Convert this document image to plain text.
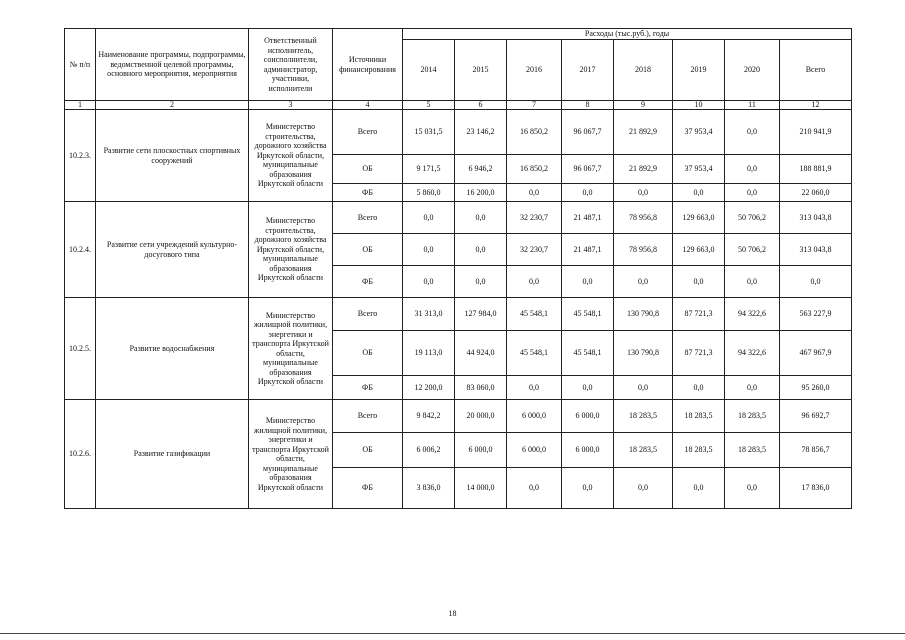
№ п/п	Наименование программы, подпрограммы, ведомственной целевой программы, основного мероприятия, мероприятия	Ответственный исполнитель, соисполнители, администратор, участники, исполнители	Источники финансирования	Расходы (тыс.руб.), годы							
				2014	2015	2016	2017	2018	2019	2020	Всего
1	2	3	4	5	6	7	8	9	10	11	12
10.2.3.	Развитие сети плоскостных спортивных сооружений	Министерство строительства, дорожного хозяйства Иркутской области, муниципальные образования Иркутской области	Всего	15 031,5	23 146,2	16 850,2	96 067,7	21 892,9	37 953,4	0,0	210 941,9
			ОБ	9 171,5	6 946,2	16 850,2	96 067,7	21 892,9	37 953,4	0,0	188 881,9
			ФБ	5 860,0	16 200,0	0,0	0,0	0,0	0,0	0,0	22 060,0
10.2.4.	Развитие сети учреждений культурно-досугового типа	Министерство строительства, дорожного хозяйства Иркутской области, муниципальные образования Иркутской области	Всего	0,0	0,0	32 230,7	21 487,1	78 956,8	129 663,0	50 706,2	313 043,8
			ОБ	0,0	0,0	32 230,7	21 487,1	78 956,8	129 663,0	50 706,2	313 043,8
			ФБ	0,0	0,0	0,0	0,0	0,0	0,0	0,0	0,0
10.2.5.	Развитие водоснабжения	Министерство жилищной политики, энергетики и транспорта Иркутской области, муниципальные образования Иркутской области	Всего	31 313,0	127 984,0	45 548,1	45 548,1	130 790,8	87 721,3	94 322,6	563 227,9
			ОБ	19 113,0	44 924,0	45 548,1	45 548,1	130 790,8	87 721,3	94 322,6	467 967,9
			ФБ	12 200,0	83 060,0	0,0	0,0	0,0	0,0	0,0	95 260,0
10.2.6.	Развитие газификации	Министерство жилищной политики, энергетики и транспорта Иркутской области, муниципальные образования Иркутской области	Всего	9 842,2	20 000,0	6 000,0	6 000,0	18 283,5	18 283,5	18 283,5	96 692,7
			ОБ	6 006,2	6 000,0	6 000,0	6 000,0	18 283,5	18 283,5	18 283,5	78 856,7
			ФБ	3 836,0	14 000,0	0,0	0,0	0,0	0,0	0,0	17 836,0
18
